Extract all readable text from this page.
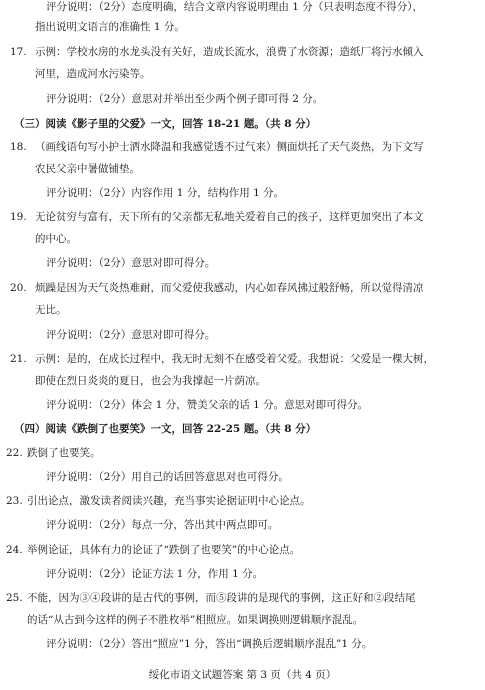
评分说明：（2分）态度明确，结合文章内容说明理由 1 分（只表明态度不得分），
指出说明文语言的准确性 1 分。
17. 示例：学校水房的水龙头没有关好，造成长流水，浪费了水资源；造纸厂将污水倾入
河里，造成河水污染等。
评分说明：（2分）意思对并举出至少两个例子即可得 2 分。
（三）阅读《影子里的父爱》一文，回答 18-21 题。（共 8 分）
18. （画线语句写小护士洒水降温和我感觉透不过气来）侧面烘托了天气炎热，为下文写
农民父亲中暑做铺垫。
评分说明：（2分）内容作用 1 分，结构作用 1 分。
19. 无论贫穷与富有，天下所有的父亲都无私地关爱着自己的孩子，这样更加突出了本文
的中心。
评分说明：（2分）意思对即可得分。
20. 烦躁是因为天气炎热难耐，而父爱使我感动，内心如春风拂过般舒畅，所以觉得清凉
无比。
评分说明：（2分）意思对即可得分。
21. 示例：是的，在成长过程中，我无时无刻不在感受着父爱。我想说：父爱是一棵大树，
即使在烈日炎炎的夏日，也会为我撑起一片荫凉。
评分说明：（2分）体会 1 分，赞美父亲的话 1 分。意思对即可得分。
（四）阅读《跌倒了也要笑》一文，回答 22-25 题。（共 8 分）
22. 跌倒了也要笑。
评分说明：（2分）用自己的话回答意思对也可得分。
23. 引出论点，激发读者阅读兴趣，充当事实论据证明中心论点。
评分说明：（2分）每点一分，答出其中两点即可。
24. 举例论证，具体有力的论证了“跌倒了也要笑”的中心论点。
评分说明：（2分）论证方法 1 分，作用 1 分。
25. 不能，因为③④段讲的是古代的事例，而⑤段讲的是现代的事例，这正好和②段结尾
的话“从古到今这样的例子不胜枚举”相照应。如果调换则逻辑顺序混乱。
评分说明：（2分）答出“照应”1 分，答出“调换后逻辑顺序混乱”1 分。
绥化市语文试题答案 第 3 页（共 4 页）
